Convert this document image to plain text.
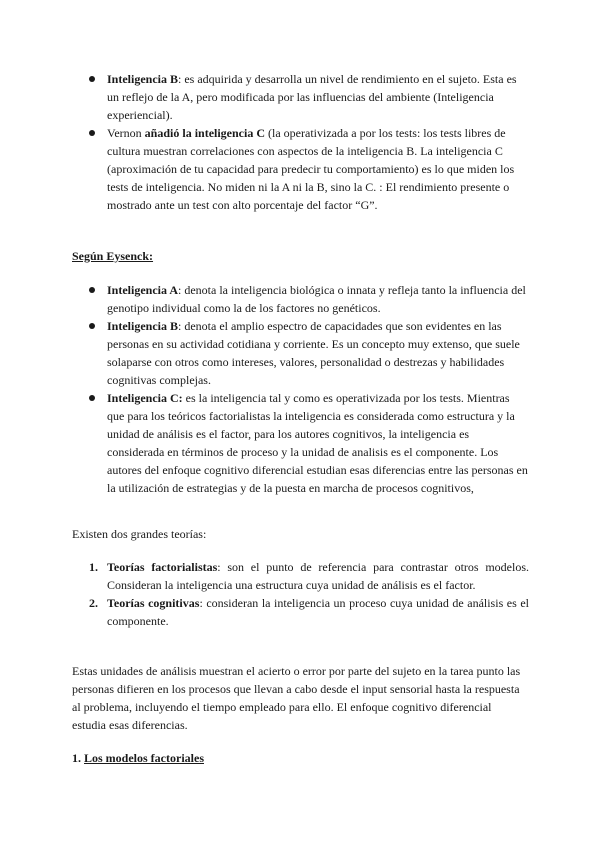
Inteligencia B: es adquirida y desarrolla un nivel de rendimiento en el sujeto. Esta es un reflejo de la A, pero modificada por las influencias del ambiente (Inteligencia experiencial).
Vernon añadió la inteligencia C (la operativizada a por los tests: los tests libres de cultura muestran correlaciones con aspectos de la inteligencia B. La inteligencia C (aproximación de tu capacidad para predecir tu comportamiento) es lo que miden los tests de inteligencia. No miden ni la A ni la B, sino la C. : El rendimiento presente o mostrado ante un test con alto porcentaje del factor “G”.
Según Eysenck:
Inteligencia A: denota la inteligencia biológica o innata y refleja tanto la influencia del genotipo individual como la de los factores no genéticos.
Inteligencia B: denota el amplio espectro de capacidades que son evidentes en las personas en su actividad cotidiana y corriente. Es un concepto muy extenso, que suele solaparse con otros como intereses, valores, personalidad o destrezas y habilidades cognitivas complejas.
Inteligencia C: es la inteligencia tal y como es operativizada por los tests. Mientras que para los teóricos factorialistas la inteligencia es considerada como estructura y la unidad de análisis es el factor, para los autores cognitivos, la inteligencia es considerada en términos de proceso y la unidad de analisis es el componente. Los autores del enfoque cognitivo diferencial estudian esas diferencias entre las personas en la utilización de estrategias y de la puesta en marcha de procesos cognitivos,
Existen dos grandes teorías:
1. Teorías factorialistas: son el punto de referencia para contrastar otros modelos. Consideran la inteligencia una estructura cuya unidad de análisis es el factor.
2. Teorías cognitivas: consideran la inteligencia un proceso cuya unidad de análisis es el componente.
Estas unidades de análisis muestran el acierto o error por parte del sujeto en la tarea punto las personas difieren en los procesos que llevan a cabo desde el input sensorial hasta la respuesta al problema, incluyendo el tiempo empleado para ello. El enfoque cognitivo diferencial estudia esas diferencias.
1. Los modelos factoriales
